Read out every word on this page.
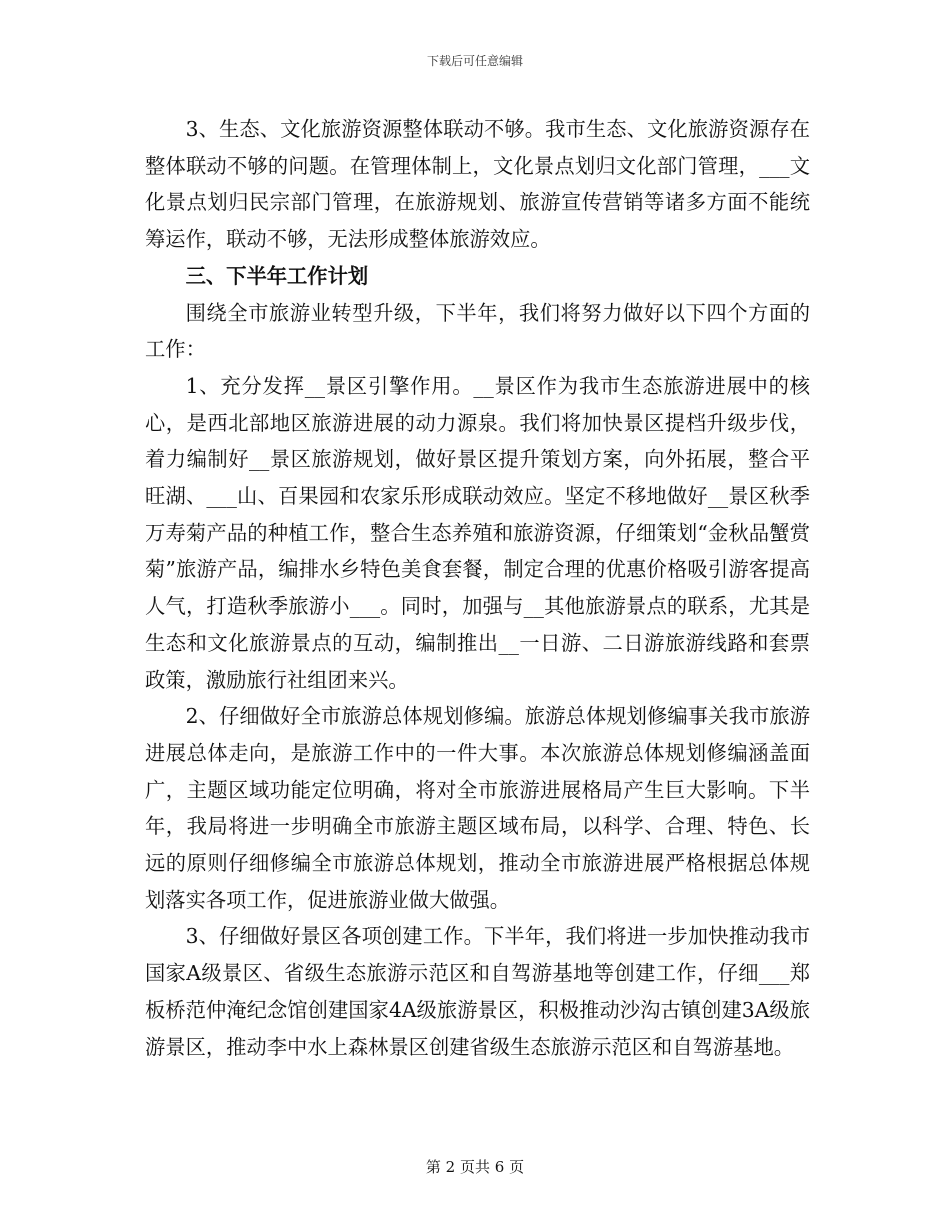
下载后可任意编辑

3、生态、文化旅游资源整体联动不够。我市生态、文化旅游资源存在整体联动不够的问题。在管理体制上，文化景点划归文化部门管理，___文化景点划归民宗部门管理，在旅游规划、旅游宣传营销等诸多方面不能统筹运作，联动不够，无法形成整体旅游效应。

三、下半年工作计划

围绕全市旅游业转型升级，下半年，我们将努力做好以下四个方面的工作：

1、充分发挥__景区引擎作用。__景区作为我市生态旅游进展中的核心，是西北部地区旅游进展的动力源泉。我们将加快景区提档升级步伐，着力编制好__景区旅游规划，做好景区提升策划方案，向外拓展，整合平旺湖、___山、百果园和农家乐形成联动效应。坚定不移地做好__景区秋季万寿菊产品的种植工作，整合生态养殖和旅游资源，仔细策划“金秋品蟹赏菊”旅游产品，编排水乡特色美食套餐，制定合理的优惠价格吸引游客提高人气，打造秋季旅游小___。同时，加强与__其他旅游景点的联系，尤其是生态和文化旅游景点的互动，编制推出__一日游、二日游旅游线路和套票政策，激励旅行社组团来兴。

2、仔细做好全市旅游总体规划修编。旅游总体规划修编事关我市旅游进展总体走向，是旅游工作中的一件大事。本次旅游总体规划修编涵盖面广，主题区域功能定位明确，将对全市旅游进展格局产生巨大影响。下半年，我局将进一步明确全市旅游主题区域布局，以科学、合理、特色、长远的原则仔细修编全市旅游总体规划，推动全市旅游进展严格根据总体规划落实各项工作，促进旅游业做大做强。

3、仔细做好景区各项创建工作。下半年，我们将进一步加快推动我市国家A级景区、省级生态旅游示范区和自驾游基地等创建工作，仔细___郑板桥范仲淹纪念馆创建国家4A级旅游景区，积极推动沙沟古镇创建3A级旅游景区，推动李中水上森林景区创建省级生态旅游示范区和自驾游基地。

第 2 页共 6 页
